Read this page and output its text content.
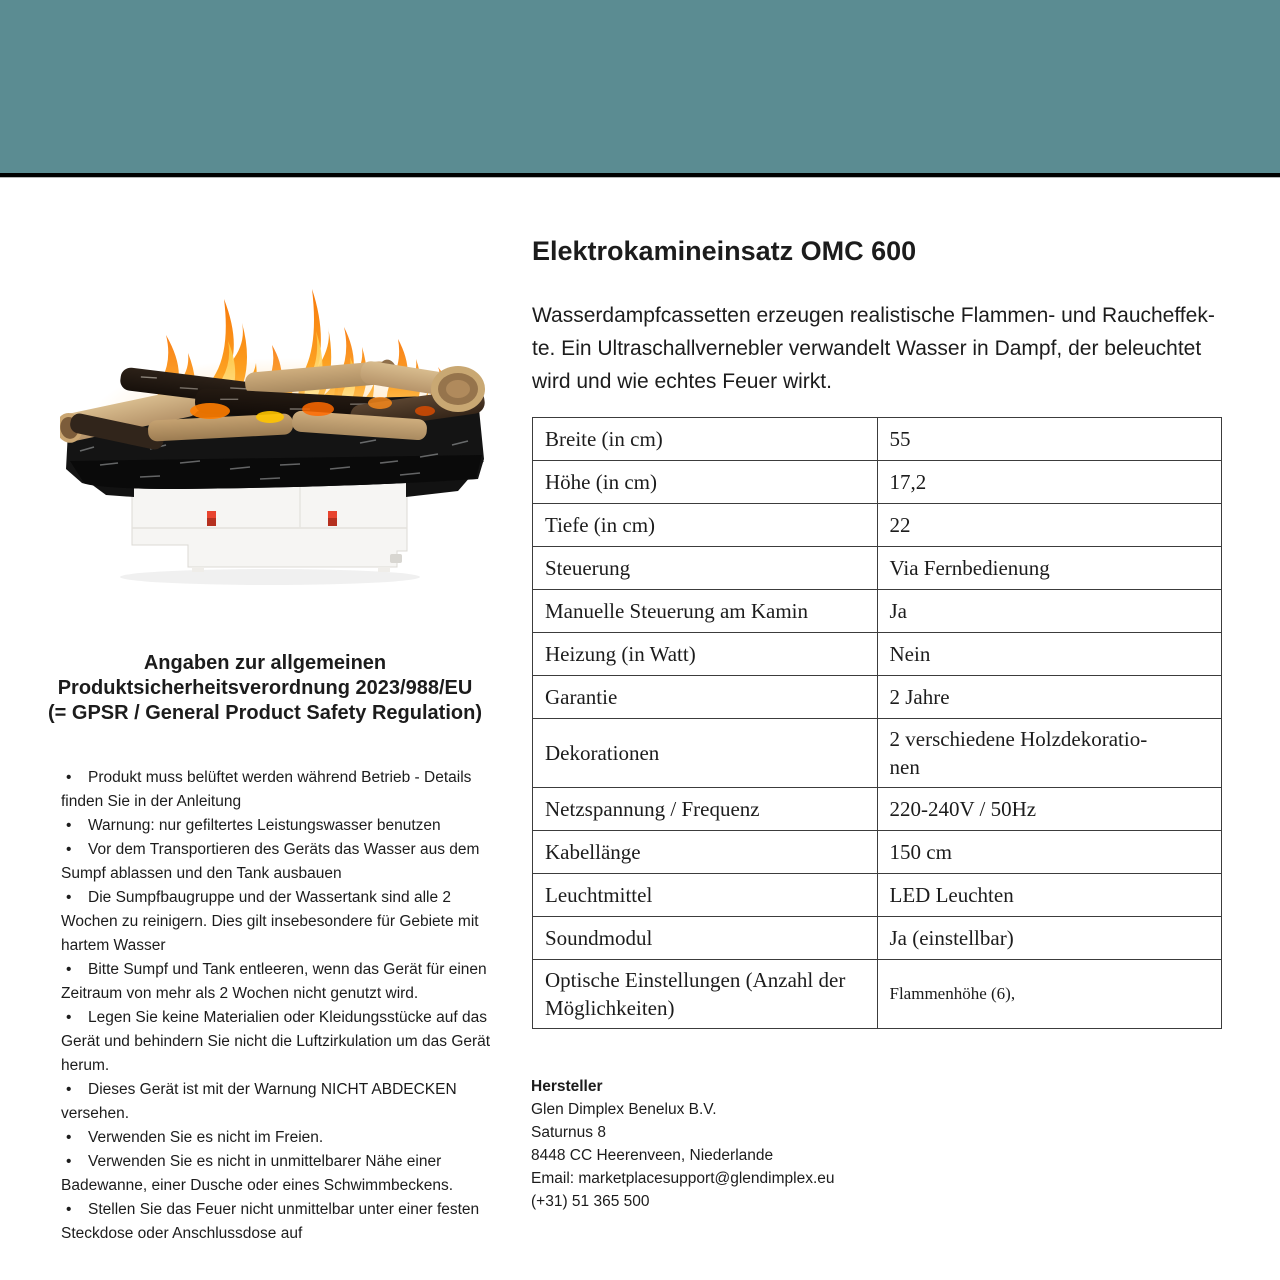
Angaben zur allgemeinen
Produktsicherheitsverordnung 2023/988/EU
(= GPSR / General Product Safety Regulation)
• Produkt muss belüftet werden während Betrieb - Details finden Sie in der Anleitung
• Warnung: nur gefiltertes Leistungswasser benutzen
• Vor dem Transportieren des Geräts das Wasser aus dem Sumpf ablassen und den Tank ausbauen
• Die Sumpfbaugruppe und der Wassertank sind alle 2 Wochen zu reinigern. Dies gilt insebesondere für Gebiete mit hartem Wasser
• Bitte Sumpf und Tank entleeren, wenn das Gerät für einen Zeitraum von mehr als 2 Wochen nicht genutzt wird.
• Legen Sie keine Materialien oder Kleidungsstücke auf das Gerät und behindern Sie nicht die Luftzirkulation um das Gerät herum.
• Dieses Gerät ist mit der Warnung NICHT ABDECKEN versehen.
• Verwenden Sie es nicht im Freien.
• Verwenden Sie es nicht in unmittelbarer Nähe einer Badewanne, einer Dusche oder eines Schwimmbeckens.
• Stellen Sie das Feuer nicht unmittelbar unter einer festen Steckdose oder Anschlussdose auf
Elektrokamineinsatz OMC 600

Wasserdampfcassetten erzeugen realistische Flammen- und Raucheffekte. Ein Ultraschallvernebler verwandelt Wasser in Dampf, der beleuchtet wird und wie echtes Feuer wirkt.

Breite (in cm)	55

Höhe (in cm)	17,2

Tiefe (in cm)	22

Steuerung	Via Fernbedienung

Manuelle Steuerung am Kamin	Ja

Heizung (in Watt)	Nein

Garantie	2 Jahre

Dekorationen	2 verschiedene Holzdekorationen

Netzspannung / Frequenz	220-240V / 50Hz

Kabellänge	150 cm

Leuchtmittel	LED Leuchten

Soundmodul	Ja (einstellbar)

Optische Einstellungen (Anzahl der Möglichkeiten)	Flammenhöhe (6),
Hersteller
Glen Dimplex Benelux B.V.
Saturnus 8
8448 CC Heerenveen, Niederlande
Email: marketplacesupport@glendimplex.eu
(+31) 51 365 500
